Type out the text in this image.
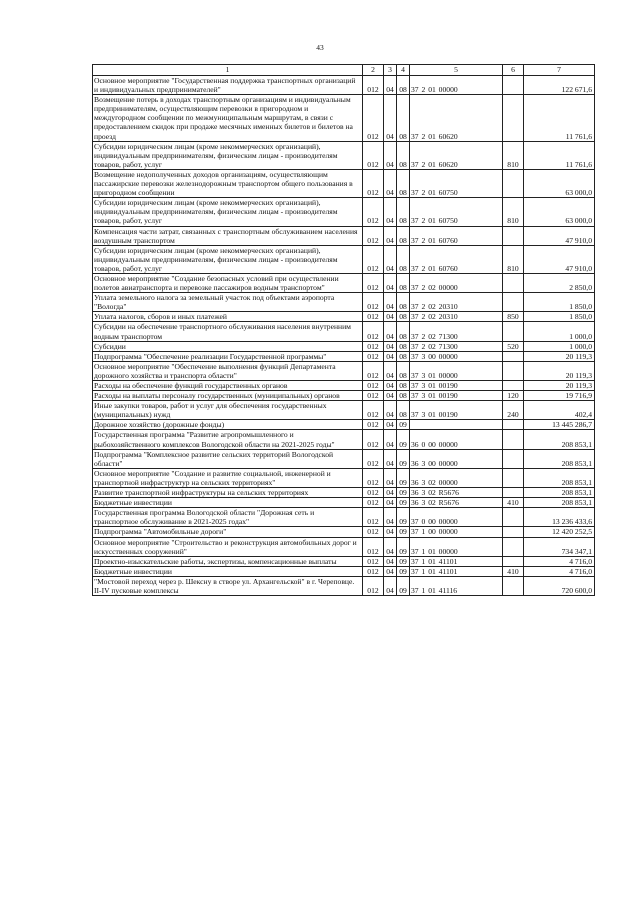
43
1	2	3	4	5	6	7
Основное мероприятие "Государственная поддержка транспортных организаций и индивидуальных предпринимателей"	012	04	08	37 2 01 00000		122 671,6
Возмещение потерь в доходах транспортным организациям и индивидуальным предпринимателям, осуществляющим перевозки в пригородном и междугородном сообщении по межмуниципальным маршрутам, в связи с предоставлением скидок при продаже месячных именных билетов и билетов на проезд	012	04	08	37 2 01 60620		11 761,6
Субсидии юридическим лицам (кроме некоммерческих организаций), индивидуальным предпринимателям, физическим лицам - производителям товаров, работ, услуг	012	04	08	37 2 01 60620	810	11 761,6
Возмещение недополученных доходов организациям, осуществляющим пассажирские перевозки железнодорожным транспортом общего пользования в пригородном сообщении	012	04	08	37 2 01 60750		63 000,0
Субсидии юридическим лицам (кроме некоммерческих организаций), индивидуальным предпринимателям, физическим лицам - производителям товаров, работ, услуг	012	04	08	37 2 01 60750	810	63 000,0
Компенсация части затрат, связанных с транспортным обслуживанием населения воздушным транспортом	012	04	08	37 2 01 60760		47 910,0
Субсидии юридическим лицам (кроме некоммерческих организаций), индивидуальным предпринимателям, физическим лицам - производителям товаров, работ, услуг	012	04	08	37 2 01 60760	810	47 910,0
Основное мероприятие "Создание безопасных условий при осуществлении полетов авиатранспорта и перевозке пассажиров водным транспортом"	012	04	08	37 2 02 00000		2 850,0
Уплата земельного налога за земельный участок под объектами аэропорта "Вологда"	012	04	08	37 2 02 20310		1 850,0
Уплата налогов, сборов и иных платежей	012	04	08	37 2 02 20310	850	1 850,0
Субсидии на обеспечение транспортного обслуживания населения внутренним водным транспортом	012	04	08	37 2 02 71300		1 000,0
Субсидии	012	04	08	37 2 02 71300	520	1 000,0
Подпрограмма "Обеспечение реализации Государственной программы"	012	04	08	37 3 00 00000		20 119,3
Основное мероприятие "Обеспечение выполнения функций Департамента дорожного хозяйства и транспорта области"	012	04	08	37 3 01 00000		20 119,3
Расходы на обеспечение функций государственных органов	012	04	08	37 3 01 00190		20 119,3
Расходы на выплаты персоналу государственных (муниципальных) органов	012	04	08	37 3 01 00190	120	19 716,9
Иные закупки товаров, работ и услуг для обеспечения государственных (муниципальных) нужд	012	04	08	37 3 01 00190	240	402,4
Дорожное хозяйство (дорожные фонды)	012	04	09			13 445 286,7
Государственная программа "Развитие агропромышленного и рыбохозяйственного комплексов Вологодской области на 2021-2025 годы"	012	04	09	36 0 00 00000		208 853,1
Подпрограмма "Комплексное развитие сельских территорий Вологодской области"	012	04	09	36 3 00 00000		208 853,1
Основное мероприятие "Создание и развитие социальной, инженерной и транспортной инфраструктур на сельских территориях"	012	04	09	36 3 02 00000		208 853,1
Развитие транспортной инфраструктуры на сельских территориях	012	04	09	36 3 02 R5676		208 853,1
Бюджетные инвестиции	012	04	09	36 3 02 R5676	410	208 853,1
Государственная программа Вологодской области "Дорожная сеть и транспортное обслуживание в 2021-2025 годах"	012	04	09	37 0 00 00000		13 236 433,6
Подпрограмма "Автомобильные дороги"	012	04	09	37 1 00 00000		12 420 252,5
Основное мероприятие "Строительство и реконструкция автомобильных дорог и искусственных сооружений"	012	04	09	37 1 01 00000		734 347,1
Проектно-изыскательские работы, экспертизы, компенсационные выплаты	012	04	09	37 1 01 41101		4 716,0
Бюджетные инвестиции	012	04	09	37 1 01 41101	410	4 716,0
"Мостовой переход через р. Шексну в створе ул. Архангельской" в г. Череповце. II-IV пусковые комплексы	012	04	09	37 1 01 41116		720 600,0
